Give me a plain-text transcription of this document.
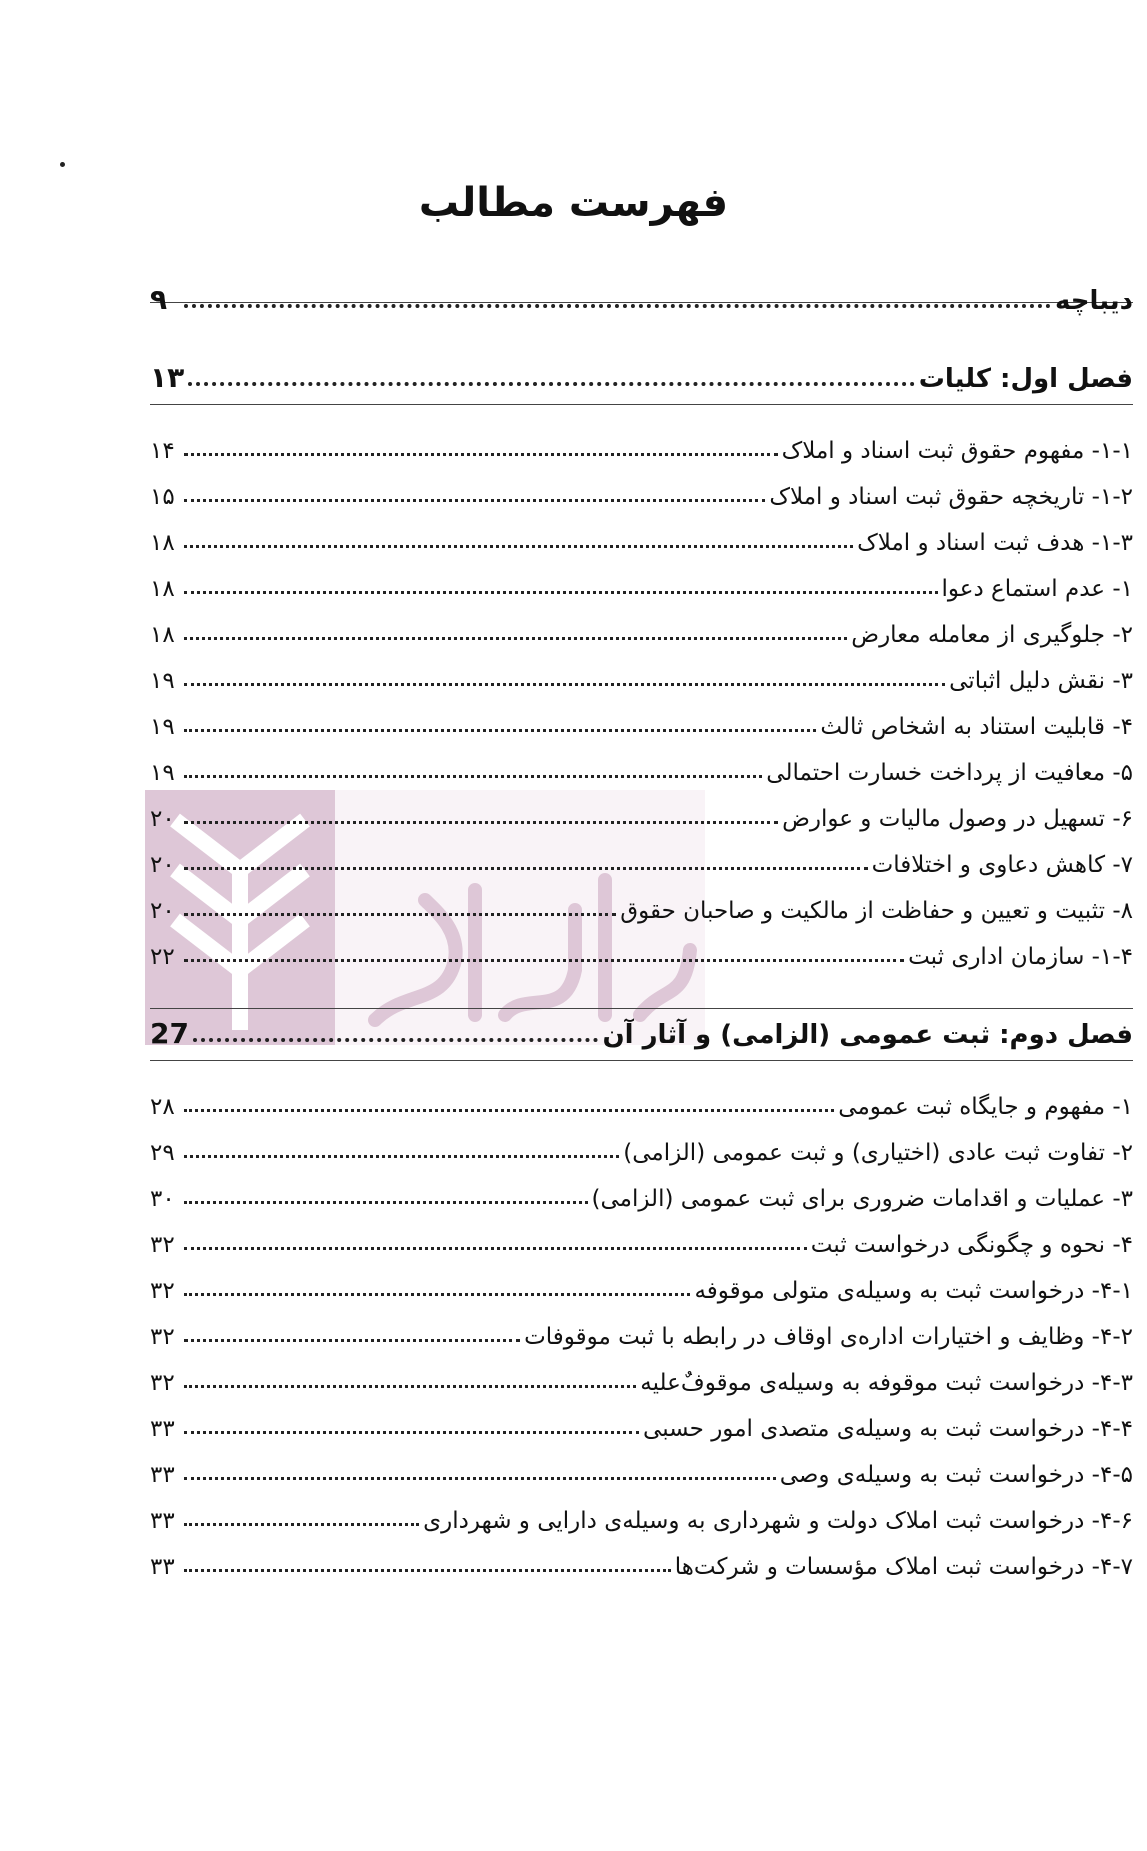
فهرست مطالب
دیباچه
۹
فصل اول: کلیات
۱۳
۱-۱- مفهوم حقوق ثبت اسناد و املاک
۱۴
۱-۲- تاریخچه حقوق ثبت اسناد و املاک
۱۵
۱-۳- هدف ثبت اسناد و املاک
۱۸
۱- عدم استماع دعوا
۱۸
۲- جلوگیری از معامله معارض
۱۸
۳- نقش دلیل اثباتی
۱۹
۴- قابلیت استناد به اشخاص ثالث
۱۹
۵- معافیت از پرداخت خسارت احتمالی
۱۹
۶- تسهیل در وصول مالیات و عوارض
۲۰
۷- کاهش دعاوی و اختلافات
۲۰
۸- تثبیت و تعیین و حفاظت از مالکیت و صاحبان حقوق
۲۰
۱-۴- سازمان اداری ثبت
۲۲
فصل دوم: ثبت عمومی (الزامی) و آثار آن
27
۱- مفهوم و جایگاه ثبت عمومی
۲۸
۲- تفاوت ثبت عادی (اختیاری) و ثبت عمومی (الزامی)
۲۹
۳- عملیات و اقدامات ضروری برای ثبت عمومی (الزامی)
۳۰
۴- نحوه و چگونگی درخواست ثبت
۳۲
۴-۱- درخواست ثبت به وسیله‌ی متولی موقوفه
۳۲
۴-۲- وظایف و اختیارات اداره‌ی اوقاف در رابطه با ثبت موقوفات
۳۲
۴-۳- درخواست ثبت موقوفه به وسیله‌ی موقوفٌ‌علیه
۳۲
۴-۴- درخواست ثبت به وسیله‌ی متصدی امور حسبی
۳۳
۴-۵- درخواست ثبت به وسیله‌ی وصی
۳۳
۴-۶- درخواست ثبت املاک دولت و شهرداری به وسیله‌ی دارایی و شهرداری
۳۳
۴-۷- درخواست ثبت املاک مؤسسات و شرکت‌ها
۳۳
